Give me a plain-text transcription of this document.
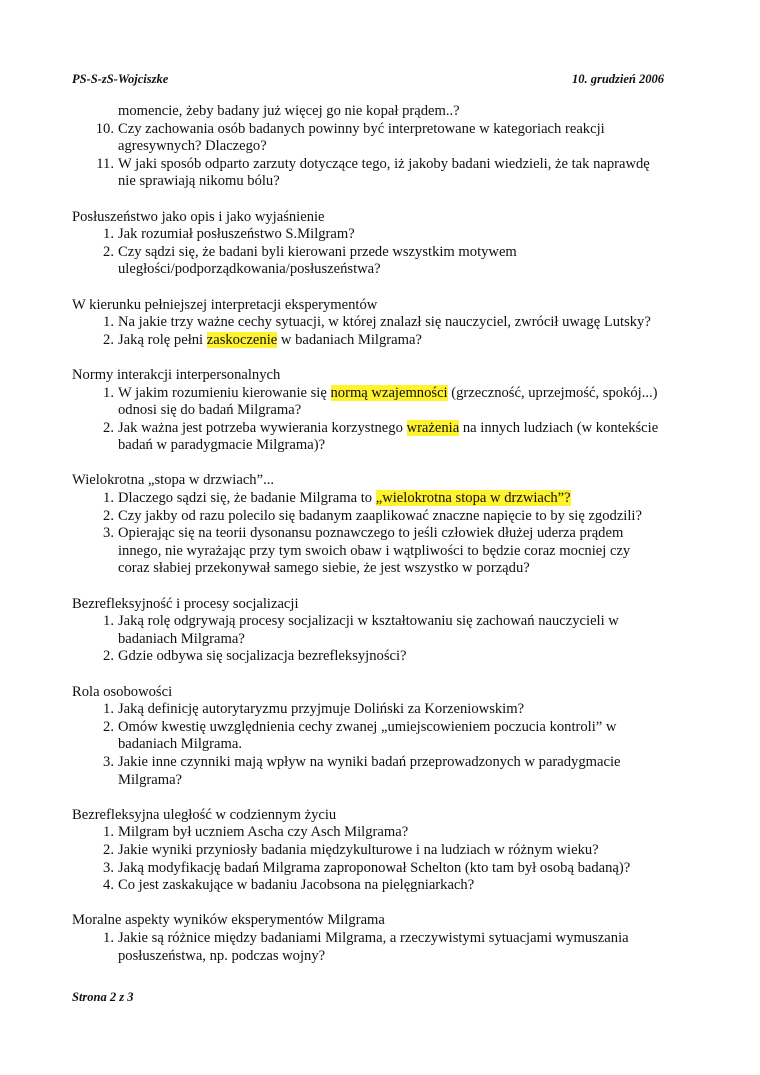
PS-S-zS-Wojciszke	10. grudzień 2006
momencie, żeby badany już więcej go nie kopał prądem..?
10. Czy zachowania osób badanych powinny być interpretowane w kategoriach reakcji
agresywnych? Dlaczego?
11. W jaki sposób odparto zarzuty dotyczące tego, iż jakoby badani wiedzieli, że tak naprawdę
nie sprawiają nikomu bólu?
Posłuszeństwo jako opis i jako wyjaśnienie
1. Jak rozumiał posłuszeństwo S.Milgram?
2. Czy sądzi się, że badani byli kierowani przede wszystkim motywem
uległości/podporządkowania/posłuszeństwa?
W kierunku pełniejszej interpretacji eksperymentów
1. Na jakie trzy ważne cechy sytuacji, w której znalazł się nauczyciel, zwrócił uwagę Lutsky?
2. Jaką rolę pełni zaskoczenie w badaniach Milgrama?
Normy interakcji interpersonalnych
1. W jakim rozumieniu kierowanie się normą wzajemności (grzeczność, uprzejmość, spokój...)
odnosi się do badań Milgrama?
2. Jak ważna jest potrzeba wywierania korzystnego wrażenia na innych ludziach (w kontekście
badań w paradygmacie Milgrama)?
Wielokrotna „stopa w drzwiach”...
1. Dlaczego sądzi się, że badanie Milgrama to „wielokrotna stopa w drzwiach”?
2. Czy jakby od razu polecilo się badanym zaaplikować znaczne napięcie to by się zgodzili?
3. Opierając się na teorii dysonansu poznawczego to jeśli człowiek dłużej uderza prądem
innego, nie wyrażając przy tym swoich obaw i wątpliwości to będzie coraz mocniej czy
coraz słabiej przekonywał samego siebie, że jest wszystko w porządu?
Bezrefleksyjność i procesy socjalizacji
1. Jaką rolę odgrywają procesy socjalizacji w kształtowaniu się zachowań nauczycieli w
badaniach Milgrama?
2. Gdzie odbywa się socjalizacja bezrefleksyjności?
Rola osobowości
1. Jaką definicję autorytaryzmu przyjmuje Doliński za Korzeniowskim?
2. Omów kwestię uwzględnienia cechy zwanej „umiejscowieniem poczucia kontroli” w
badaniach Milgrama.
3. Jakie inne czynniki mają wpływ na wyniki badań przeprowadzonych w paradygmacie
Milgrama?
Bezrefleksyjna uległość w codziennym życiu
1. Milgram był uczniem Ascha czy Asch Milgrama?
2. Jakie wyniki przyniosły badania międzykulturowe i na ludziach w różnym wieku?
3. Jaką modyfikację badań Milgrama zaproponował Schelton (kto tam był osobą badaną)?
4. Co jest zaskakujące w badaniu Jacobsona na pielęgniarkach?
Moralne aspekty wyników eksperymentów Milgrama
1. Jakie są różnice między badaniami Milgrama, a rzeczywistymi sytuacjami wymuszania
posłuszeństwa, np. podczas wojny?
Strona 2 z 3
